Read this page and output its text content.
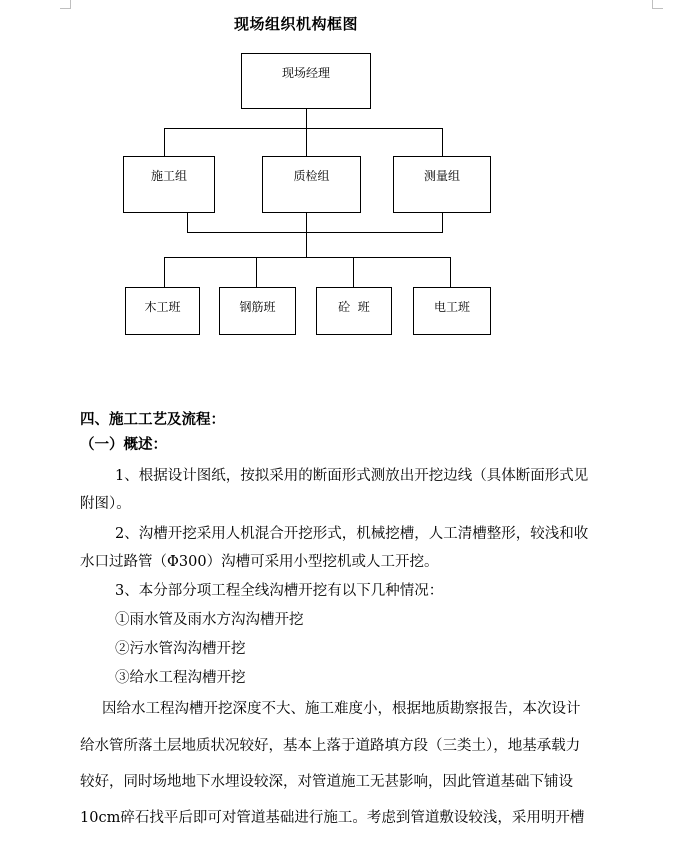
现场组织机构框图
现场经理
施工组	质检组	测量组
木工班	钢筋班	砼  班	电工班
四、施工工艺及流程：
（一）概述：
1、根据设计图纸，按拟采用的断面形式测放出开挖边线（具体断面形式见
附图）。
2、沟槽开挖采用人机混合开挖形式，机械挖槽，人工清槽整形，较浅和收
水口过路管（Φ300）沟槽可采用小型挖机或人工开挖。
3、本分部分项工程全线沟槽开挖有以下几种情况：
①雨水管及雨水方沟沟槽开挖
②污水管沟沟槽开挖
③给水工程沟槽开挖
因给水工程沟槽开挖深度不大、施工难度小，根据地质勘察报告，本次设计
给水管所落土层地质状况较好，基本上落于道路填方段（三类土），地基承载力
较好，同时场地地下水埋设较深，对管道施工无甚影响，因此管道基础下铺设
10cm碎石找平后即可对管道基础进行施工。考虑到管道敷设较浅，采用明开槽
